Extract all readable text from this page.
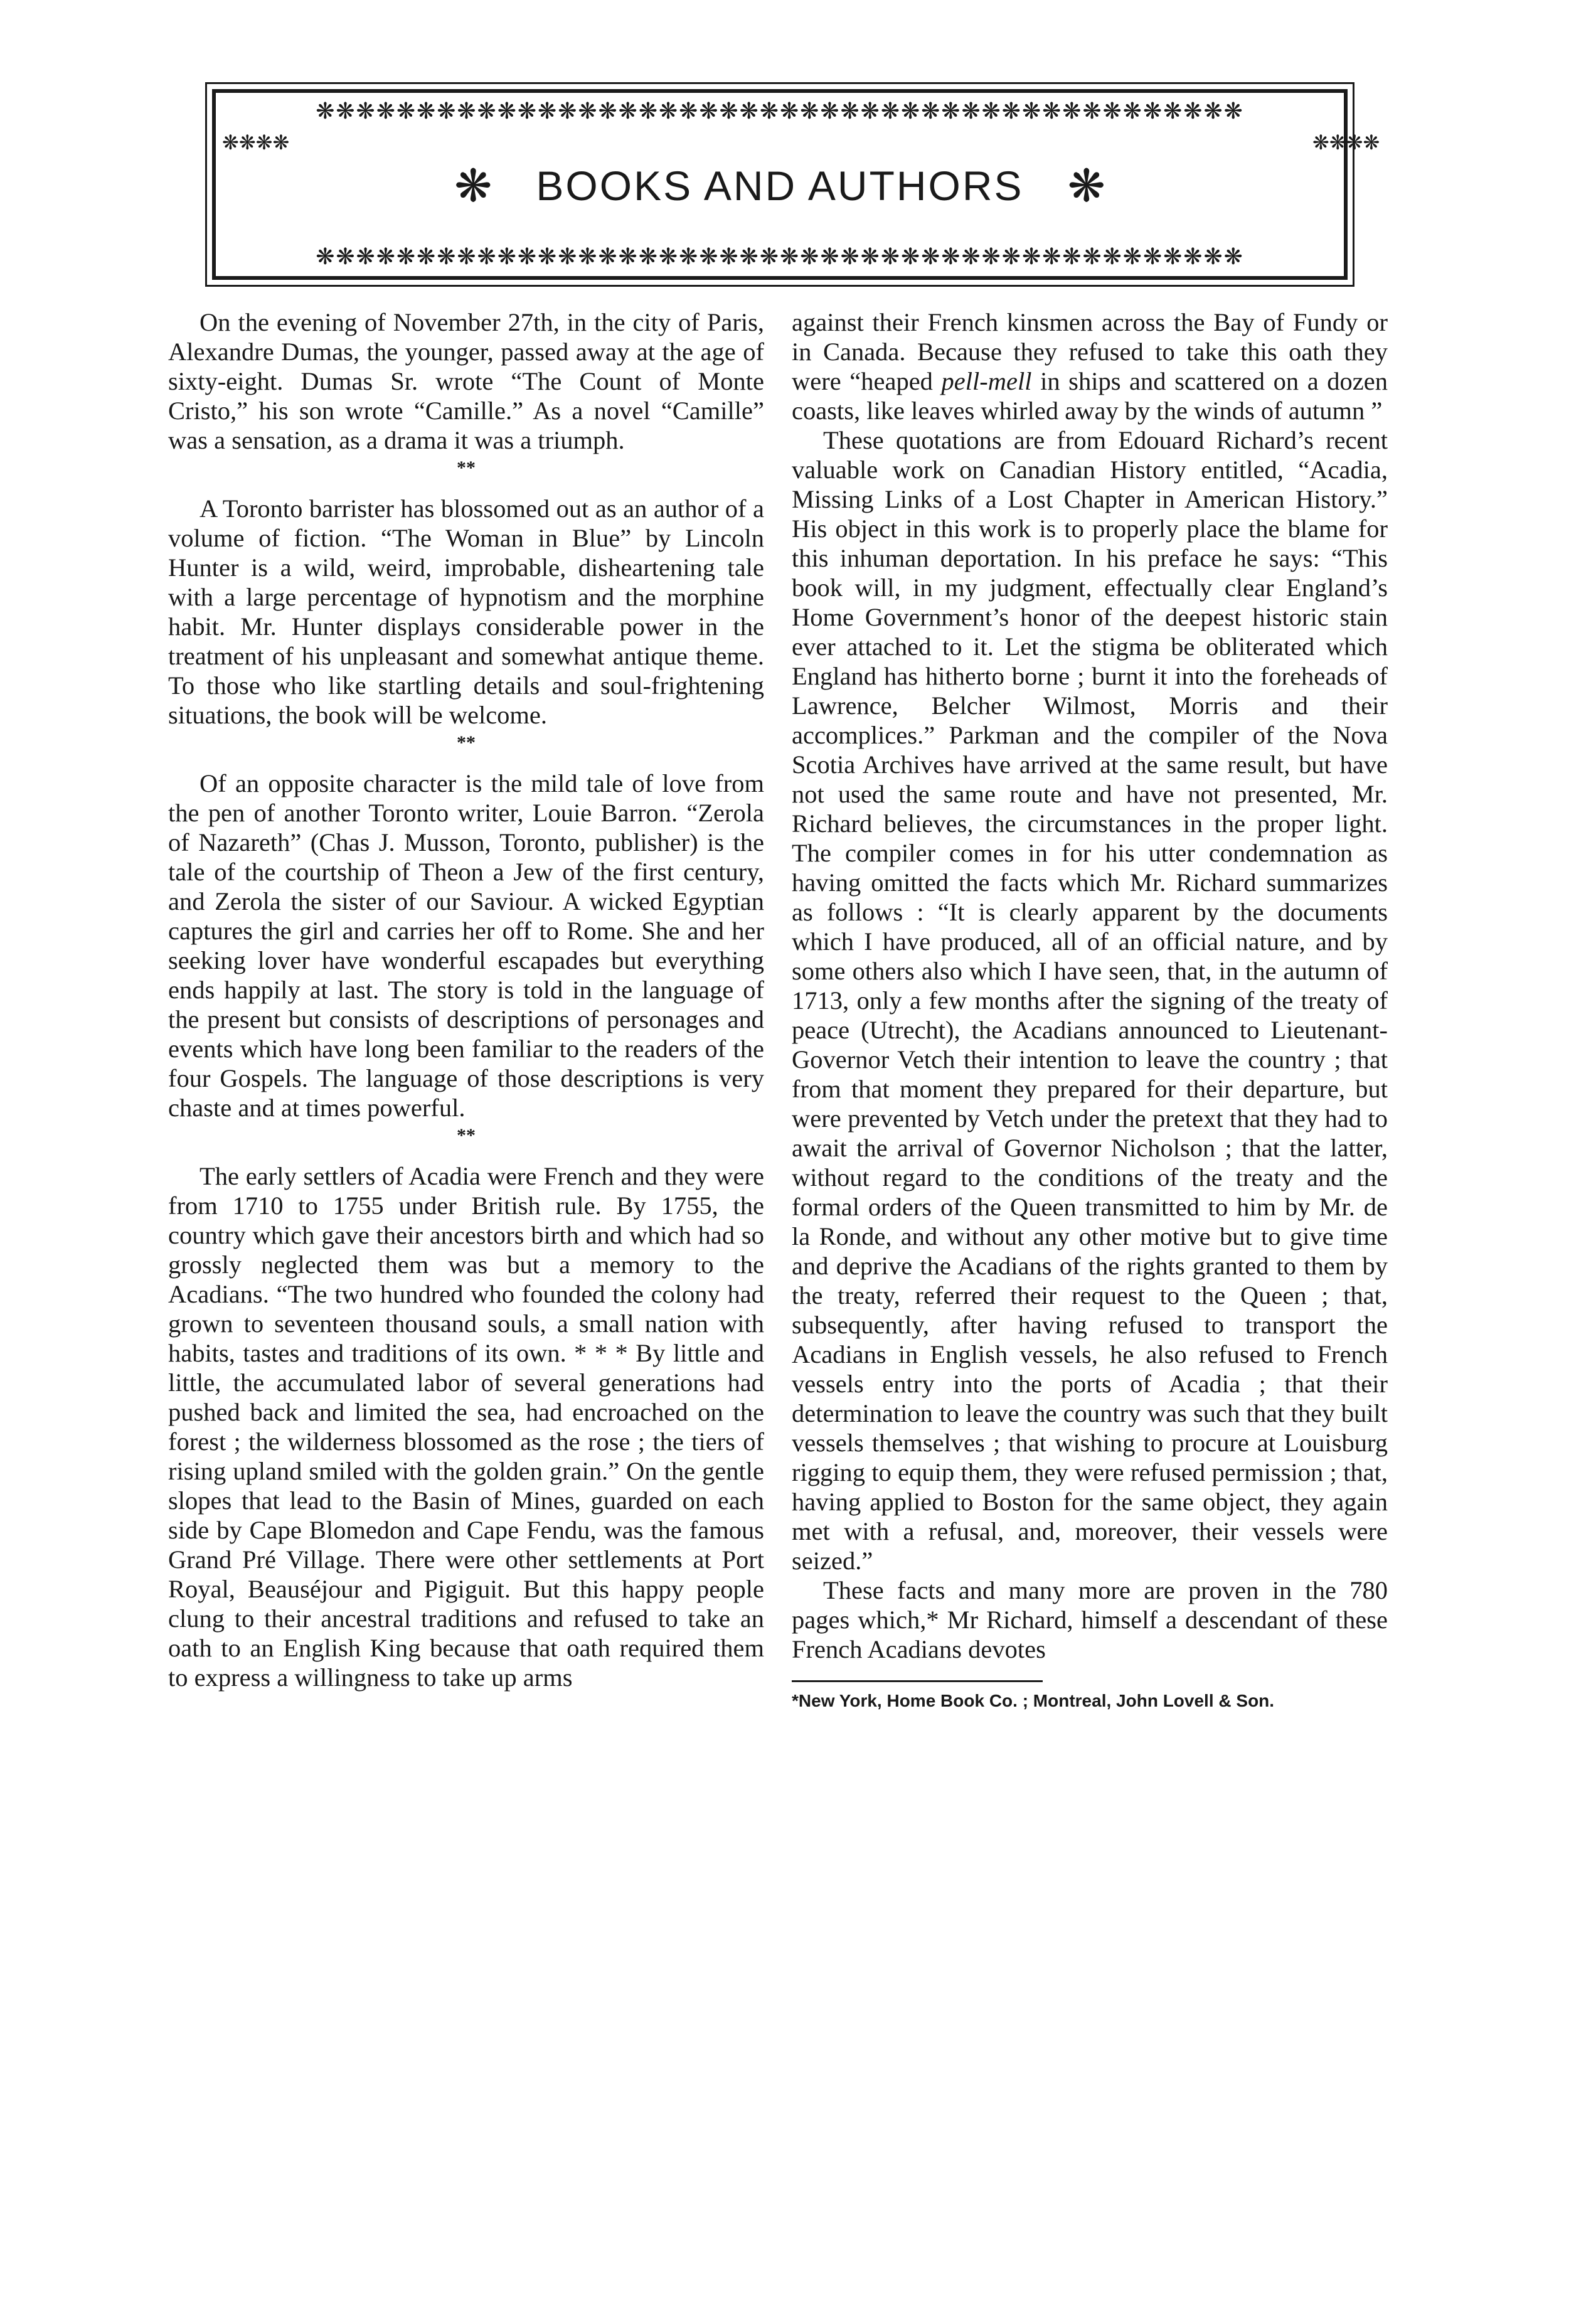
❋❋❋❋❋❋❋❋❋❋❋❋❋❋❋❋❋❋❋❋❋❋❋❋❋❋❋❋❋❋❋❋❋❋❋❋❋❋❋❋❋❋❋❋❋❋
❋❋❋❋
❋ BOOKS AND AUTHORS ❋
❋❋❋❋
❋❋❋❋❋❋❋❋❋❋❋❋❋❋❋❋❋❋❋❋❋❋❋❋❋❋❋❋❋❋❋❋❋❋❋❋❋❋❋❋❋❋❋❋❋❋

On the evening of November 27th, in the city of Paris, Alexandre Dumas, the younger, passed away at the age of sixty-eight. Dumas Sr. wrote “The Count of Monte Cristo,” his son wrote “Camille.” As a novel “Camille” was a sensation, as a drama it was a triumph.

**

A Toronto barrister has blossomed out as an author of a volume of fiction. “The Woman in Blue” by Lincoln Hunter is a wild, weird, improbable, disheartening tale with a large percentage of hypnotism and the morphine habit. Mr. Hunter displays considerable power in the treatment of his unpleasant and somewhat antique theme. To those who like startling details and soul-frightening situations, the book will be welcome.

**

Of an opposite character is the mild tale of love from the pen of another Toronto writer, Louie Barron. “Zerola of Nazareth” (Chas J. Musson, Toronto, publisher) is the tale of the courtship of Theon a Jew of the first century, and Zerola the sister of our Saviour. A wicked Egyptian captures the girl and carries her off to Rome. She and her seeking lover have wonderful escapades but everything ends happily at last. The story is told in the language of the present but consists of descriptions of personages and events which have long been familiar to the readers of the four Gospels. The language of those descriptions is very chaste and at times powerful.

**

The early settlers of Acadia were French and they were from 1710 to 1755 under British rule. By 1755, the country which gave their ancestors birth and which had so grossly neglected them was but a memory to the Acadians. “The two hundred who founded the colony had grown to seventeen thousand souls, a small nation with habits, tastes and traditions of its own. * * * By little and little, the accumulated labor of several generations had pushed back and limited the sea, had encroached on the forest ; the wilderness blossomed as the rose ; the tiers of rising upland smiled with the golden grain.” On the gentle slopes that lead to the Basin of Mines, guarded on each side by Cape Blomedon and Cape Fendu, was the famous Grand Pré Village. There were other settlements at Port Royal, Beauséjour and Pigiguit. But this happy people clung to their ancestral traditions and refused to take an oath to an English King because that oath required them to express a willingness to take up arms

against their French kinsmen across the Bay of Fundy or in Canada. Because they refused to take this oath they were “heaped pell-mell in ships and scattered on a dozen coasts, like leaves whirled away by the winds of autumn ”

These quotations are from Edouard Richard’s recent valuable work on Canadian History entitled, “Acadia, Missing Links of a Lost Chapter in American History.” His object in this work is to properly place the blame for this inhuman deportation. In his preface he says: “This book will, in my judgment, effectually clear England’s Home Government’s honor of the deepest historic stain ever attached to it. Let the stigma be obliterated which England has hitherto borne ; burnt it into the foreheads of Lawrence, Belcher Wilmost, Morris and their accomplices.” Parkman and the compiler of the Nova Scotia Archives have arrived at the same result, but have not used the same route and have not presented, Mr. Richard believes, the circumstances in the proper light. The compiler comes in for his utter condemnation as having omitted the facts which Mr. Richard summarizes as follows : “It is clearly apparent by the documents which I have produced, all of an official nature, and by some others also which I have seen, that, in the autumn of 1713, only a few months after the signing of the treaty of peace (Utrecht), the Acadians announced to Lieutenant-Governor Vetch their intention to leave the country ; that from that moment they prepared for their departure, but were prevented by Vetch under the pretext that they had to await the arrival of Governor Nicholson ; that the latter, without regard to the conditions of the treaty and the formal orders of the Queen transmitted to him by Mr. de la Ronde, and without any other motive but to give time and deprive the Acadians of the rights granted to them by the treaty, referred their request to the Queen ; that, subsequently, after having refused to transport the Acadians in English vessels, he also refused to French vessels entry into the ports of Acadia ; that their determination to leave the country was such that they built vessels themselves ; that wishing to procure at Louisburg rigging to equip them, they were refused permission ; that, having applied to Boston for the same object, they again met with a refusal, and, moreover, their vessels were seized.”

These facts and many more are proven in the 780 pages which,* Mr Richard, himself a descendant of these French Acadians devotes

*New York, Home Book Co. ; Montreal, John Lovell & Son.
